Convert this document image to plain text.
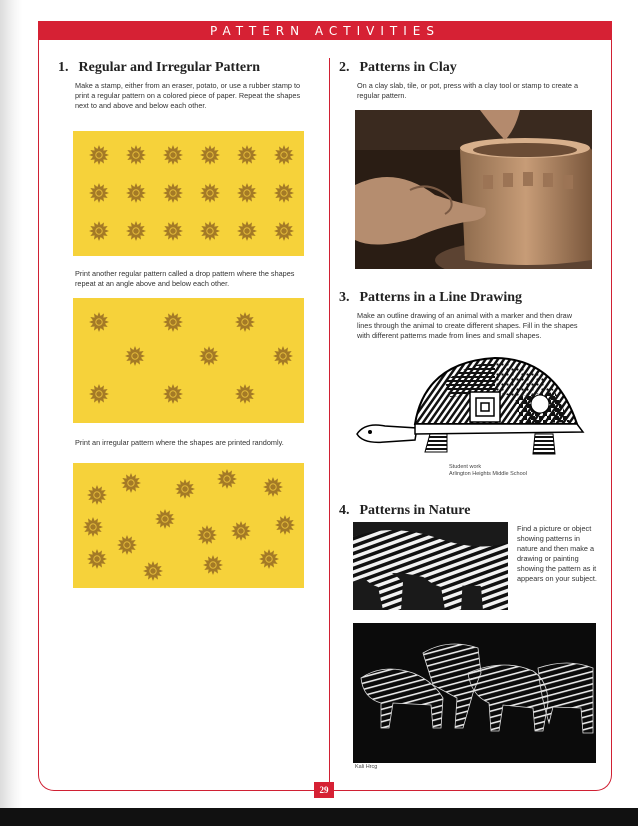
PATTERN ACTIVITIES
1. Regular and Irregular Pattern
Make a stamp, either from an eraser, potato, or use a rubber stamp to print a regular pattern on a colored piece of paper. Repeat the shapes next to and above and below each other.
Print another regular pattern called a drop pattern where the shapes repeat at an angle above and below each other.
Print an irregular pattern where the shapes are printed randomly.
2. Patterns in Clay
On a clay slab, tile, or pot, press with a clay tool or stamp to create a regular pattern.
3. Patterns in a Line Drawing
Make an outline drawing of an animal with a marker and then draw lines through the animal to create different shapes. Fill in the shapes with different patterns made from lines and small shapes.
Student work
Arlington Heights Middle School
4. Patterns in Nature
Find a picture or object showing patterns in nature and then make a drawing or painting showing the pattern as it appears on your subject.
Kali Hrcg
29
